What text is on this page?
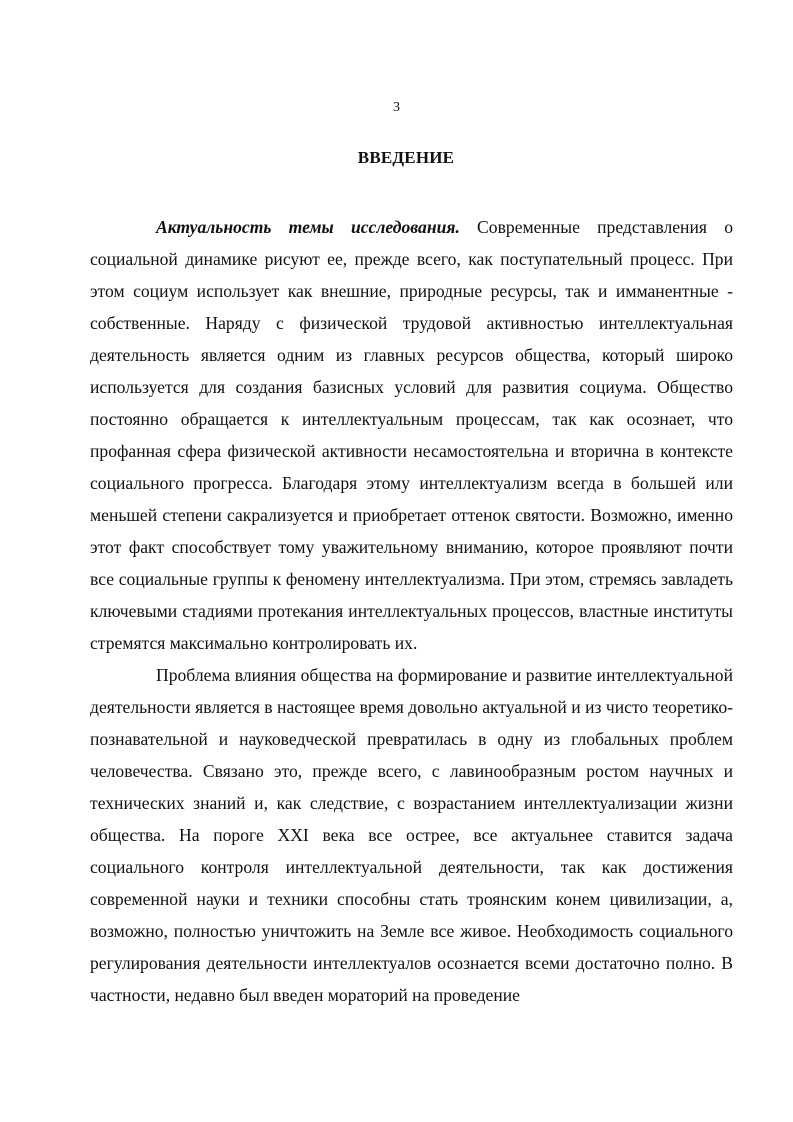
3
ВВЕДЕНИЕ

Актуальность темы исследования. Современные представления о социальной динамике рисуют ее, прежде всего, как поступательный процесс. При этом социум использует как внешние, природные ресурсы, так и имманентные - собственные. Наряду с физической трудовой активностью интеллектуальная деятельность является одним из главных ресурсов общества, который широко используется для создания базисных условий для развития социума. Общество постоянно обращается к интеллектуальным процессам, так как осознает, что профанная сфера физической активности несамостоятельна и вторична в контексте социального прогресса. Благодаря этому интеллектуализм всегда в большей или меньшей степени сакрализуется и приобретает оттенок святости. Возможно, именно этот факт способствует тому уважительному вниманию, которое проявляют почти все социальные группы к феномену интеллектуализма. При этом, стремясь завладеть ключевыми стадиями протекания интеллектуальных процессов, властные институты стремятся максимально контролировать их.

Проблема влияния общества на формирование и развитие интеллектуальной деятельности является в настоящее время довольно актуальной и из чисто теоретико-познавательной и науковедческой превратилась в одну из глобальных проблем человечества. Связано это, прежде всего, с лавинообразным ростом научных и технических знаний и, как следствие, с возрастанием интеллектуализации жизни общества. На пороге XXI века все острее, все актуальнее ставится задача социального контроля интеллектуальной деятельности, так как достижения современной науки и техники способны стать троянским конем цивилизации, а, возможно, полностью уничтожить на Земле все живое. Необходимость социального регулирования деятельности интеллектуалов осознается всеми достаточно полно. В частности, недавно был введен мораторий на проведение
